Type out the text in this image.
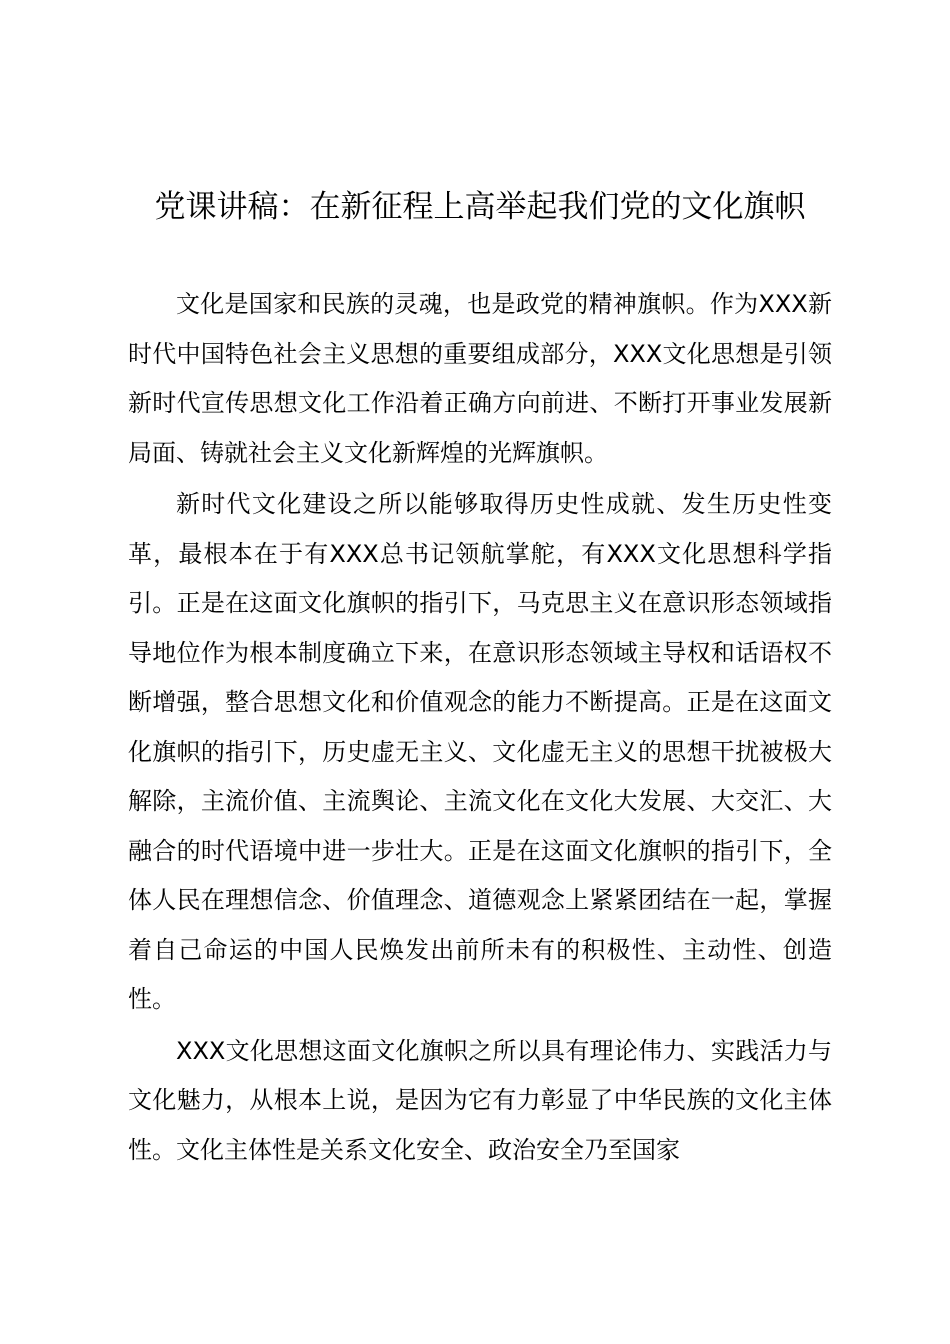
党课讲稿：在新征程上高举起我们党的文化旗帜

文化是国家和民族的灵魂，也是政党的精神旗帜。作为XXX新时代中国特色社会主义思想的重要组成部分，XXX文化思想是引领新时代宣传思想文化工作沿着正确方向前进、不断打开事业发展新局面、铸就社会主义文化新辉煌的光辉旗帜。

新时代文化建设之所以能够取得历史性成就、发生历史性变革，最根本在于有XXX总书记领航掌舵，有XXX文化思想科学指引。正是在这面文化旗帜的指引下，马克思主义在意识形态领域指导地位作为根本制度确立下来，在意识形态领域主导权和话语权不断增强，整合思想文化和价值观念的能力不断提高。正是在这面文化旗帜的指引下，历史虚无主义、文化虚无主义的思想干扰被极大解除，主流价值、主流舆论、主流文化在文化大发展、大交汇、大融合的时代语境中进一步壮大。正是在这面文化旗帜的指引下，全体人民在理想信念、价值理念、道德观念上紧紧团结在一起，掌握着自己命运的中国人民焕发出前所未有的积极性、主动性、创造性。

XXX文化思想这面文化旗帜之所以具有理论伟力、实践活力与文化魅力，从根本上说，是因为它有力彰显了中华民族的文化主体性。文化主体性是关系文化安全、政治安全乃至国家
